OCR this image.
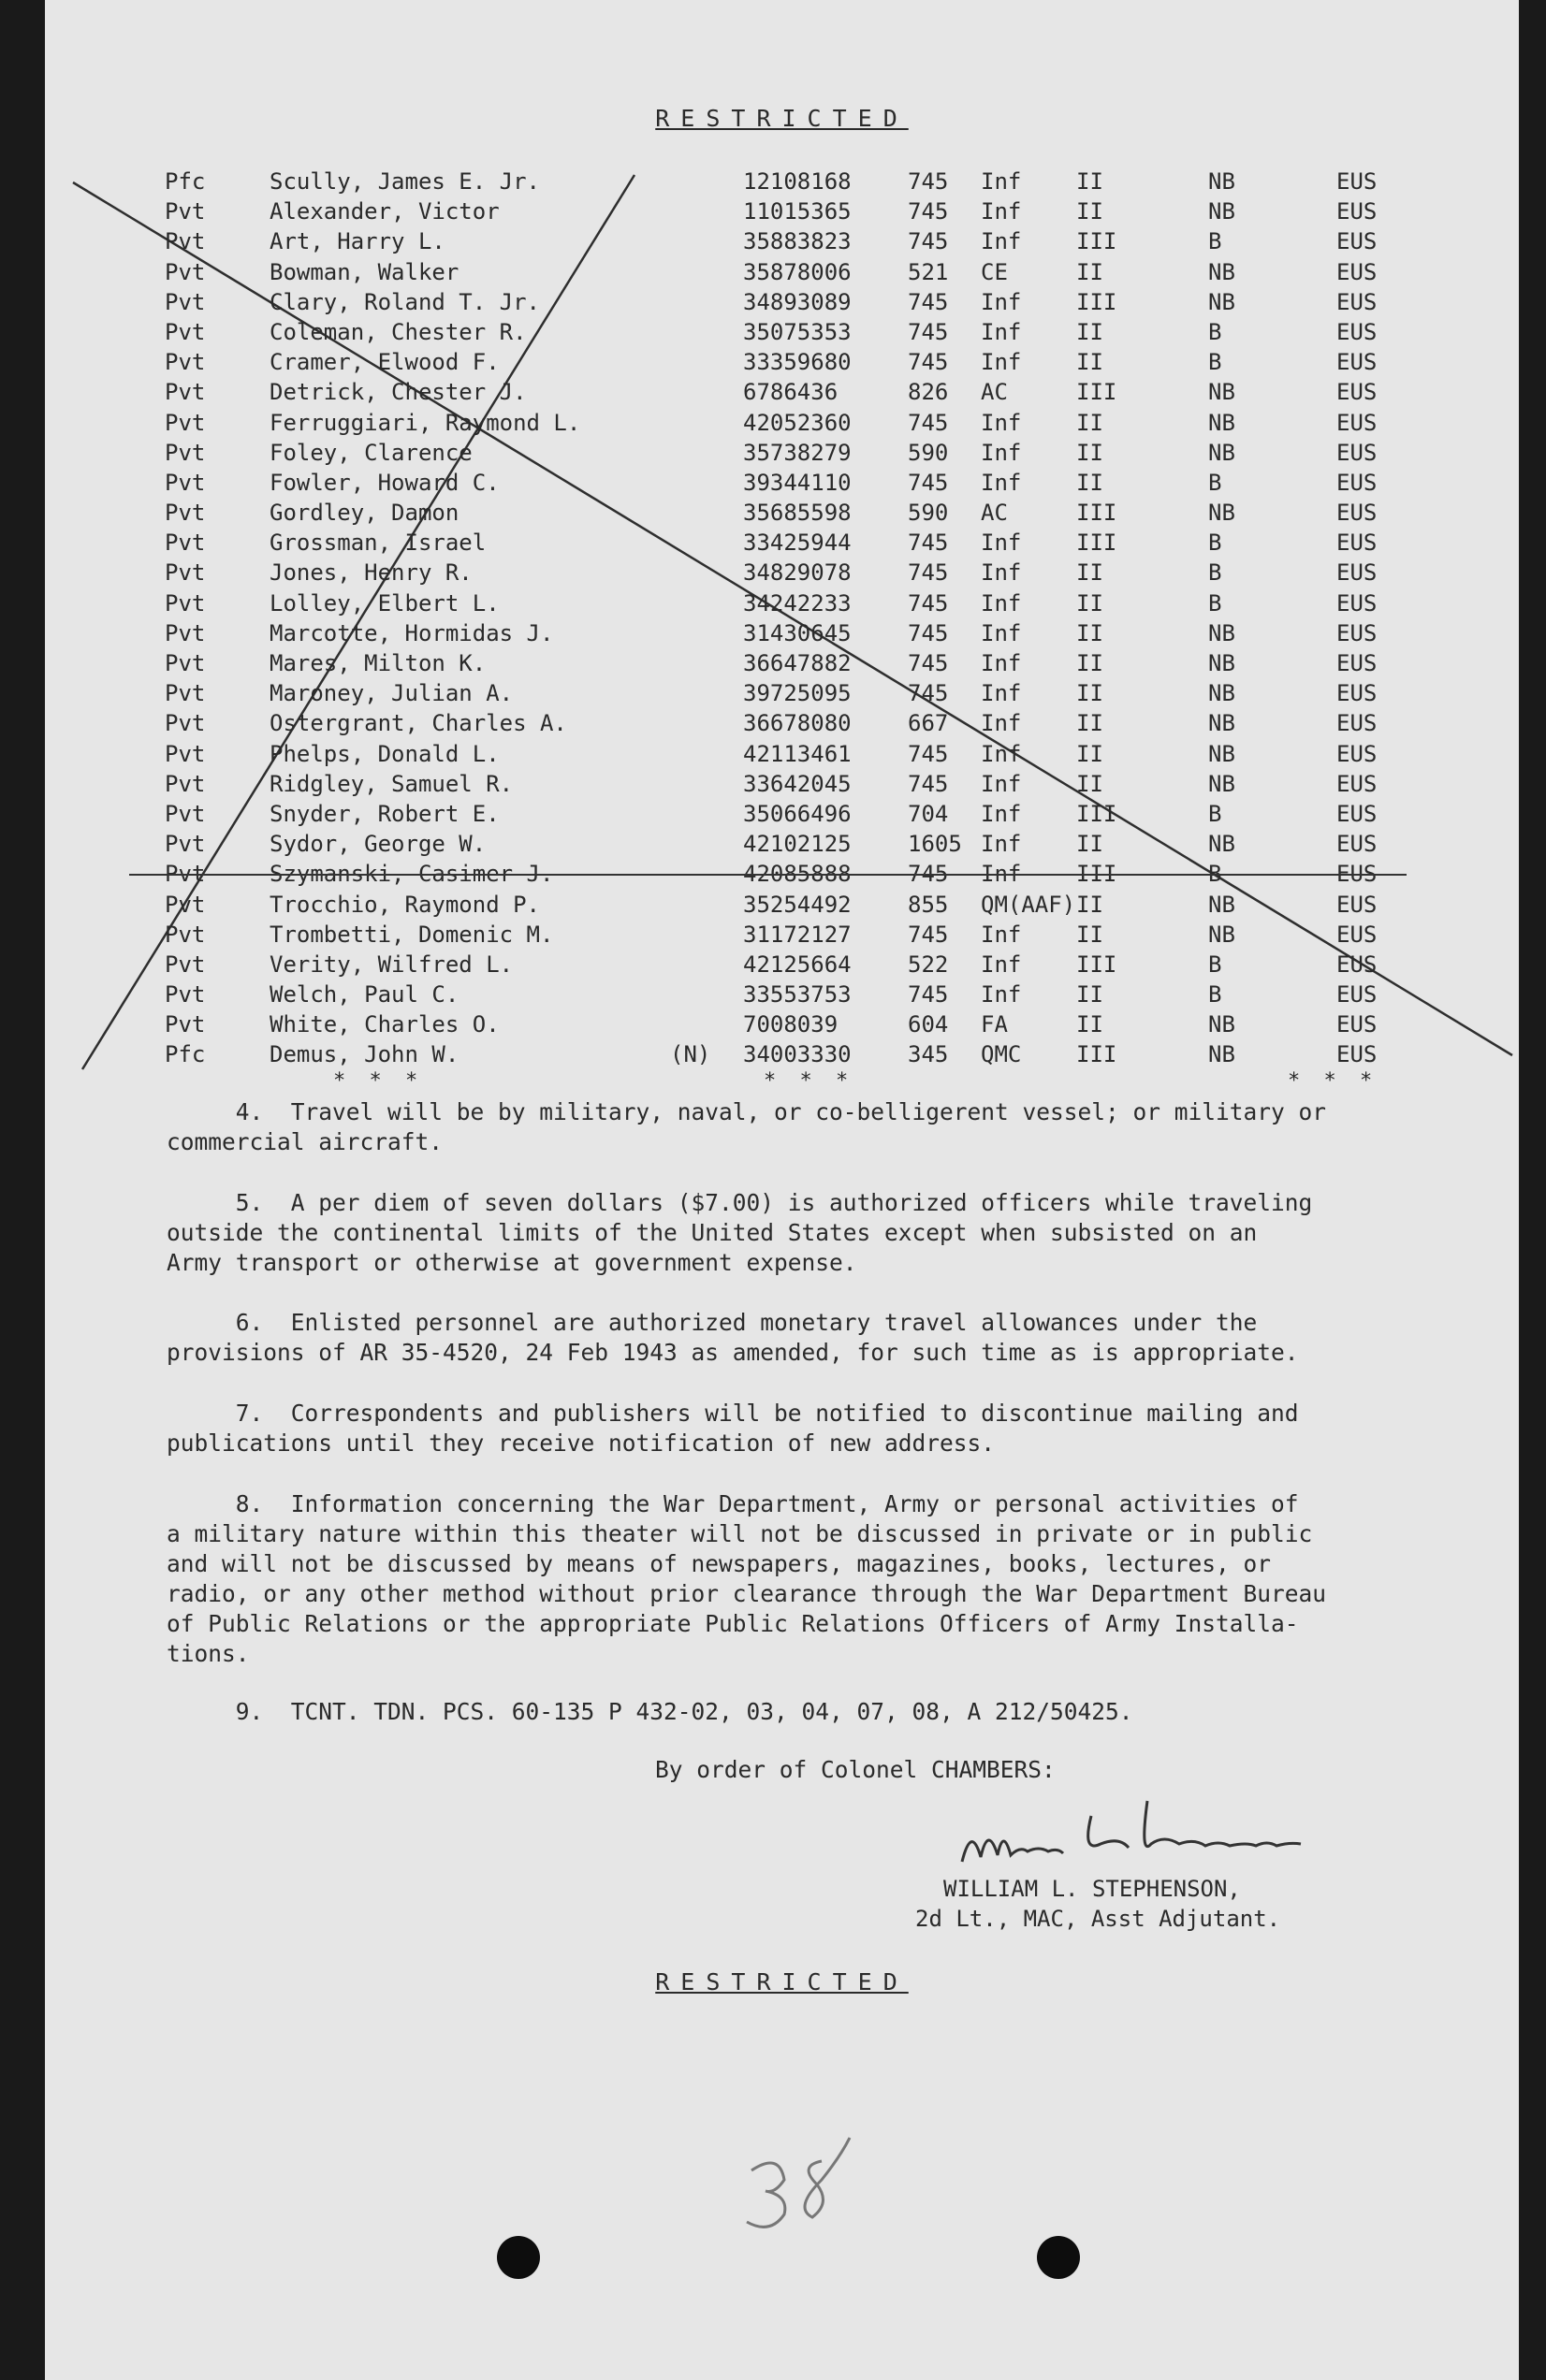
RESTRICTED
Pfc	Scully, James E. Jr.	12108168	745 Inf II	NB	EUS
Pvt	Alexander, Victor	11015365	745 Inf II	NB	EUS
Pvt	Art, Harry L.	35883823	745 Inf III	B	EUS
Pvt	Bowman, Walker	35878006	521 CE	II	NB	EUS
Pvt	Clary, Roland T. Jr.	34893089	745 Inf III	NB	EUS
Pvt	Coleman, Chester R.	35075353	745 Inf II	B	EUS
Pvt	Cramer, Elwood F.	33359680	745 Inf II	B	EUS
Pvt	Detrick, Chester J.	6786436	826 AC	III	NB	EUS
Pvt	Ferruggiari, Raymond L.	42052360	745 Inf II	NB	EUS
Pvt	Foley, Clarence	35738279	590 Inf II	NB	EUS
Pvt	Fowler, Howard C.	39344110	745 Inf II	B	EUS
Pvt	Gordley, Damon	35685598	590 AC	III	NB	EUS
Pvt	Grossman, Israel	33425944	745 Inf III	B	EUS
Pvt	Jones, Henry R.	34829078	745 Inf II	B	EUS
Pvt	Lolley, Elbert L.	34242233	745 Inf II	B	EUS
Pvt	Marcotte, Hormidas J.	31430645	745 Inf II	NB	EUS
Pvt	Mares, Milton K.	36647882	745 Inf II	NB	EUS
Pvt	Maroney, Julian A.	39725095	745 Inf II	NB	EUS
Pvt	Ostergrant, Charles A.	36678080	667 Inf II	NB	EUS
Pvt	Phelps, Donald L.	42113461	745 Inf II	NB	EUS
Pvt	Ridgley, Samuel R.	33642045	745 Inf II	NB	EUS
Pvt	Snyder, Robert E.	35066496	704 Inf III	B	EUS
Pvt	Sydor, George W.	42102125	1605 Inf II	NB	EUS
Pvt	Szymanski, Casimer J.	42085888	745 Inf III	B	EUS
Pvt	Trocchio, Raymond P.	35254492	855 QM(AAF) II	NB	EUS
Pvt	Trombetti, Domenic M.	31172127	745 Inf II	NB	EUS
Pvt	Verity, Wilfred L.	42125664	522 Inf III	B	EUS
Pvt	Welch, Paul C.	33553753	745 Inf II	B	EUS
Pvt	White, Charles O.	7008039	604 FA	II	NB	EUS
Pfc	Demus, John W.	(N) 34003330	345 QMC III	NB	EUS
* * *	* * *	* * *
4.  Travel will be by military, naval, or co-belligerent vessel; or military or
commercial aircraft.
5.  A per diem of seven dollars ($7.00) is authorized officers while traveling
outside the continental limits of the United States except when subsisted on an
Army transport or otherwise at government expense.
6.  Enlisted personnel are authorized monetary travel allowances under the
provisions of AR 35-4520, 24 Feb 1943 as amended, for such time as is appropriate.
7.  Correspondents and publishers will be notified to discontinue mailing and
publications until they receive notification of new address.
8.  Information concerning the War Department, Army or personal activities of
a military nature within this theater will not be discussed in private or in public
and will not be discussed by means of newspapers, magazines, books, lectures, or
radio, or any other method without prior clearance through the War Department Bureau
of Public Relations or the appropriate Public Relations Officers of Army Installa-
tions.
9.  TCNT. TDN. PCS. 60-135 P 432-02, 03, 04, 07, 08, A 212/50425.
By order of Colonel CHAMBERS:
WILLIAM L. STEPHENSON,
2d Lt., MAC, Asst Adjutant.
RESTRICTED
